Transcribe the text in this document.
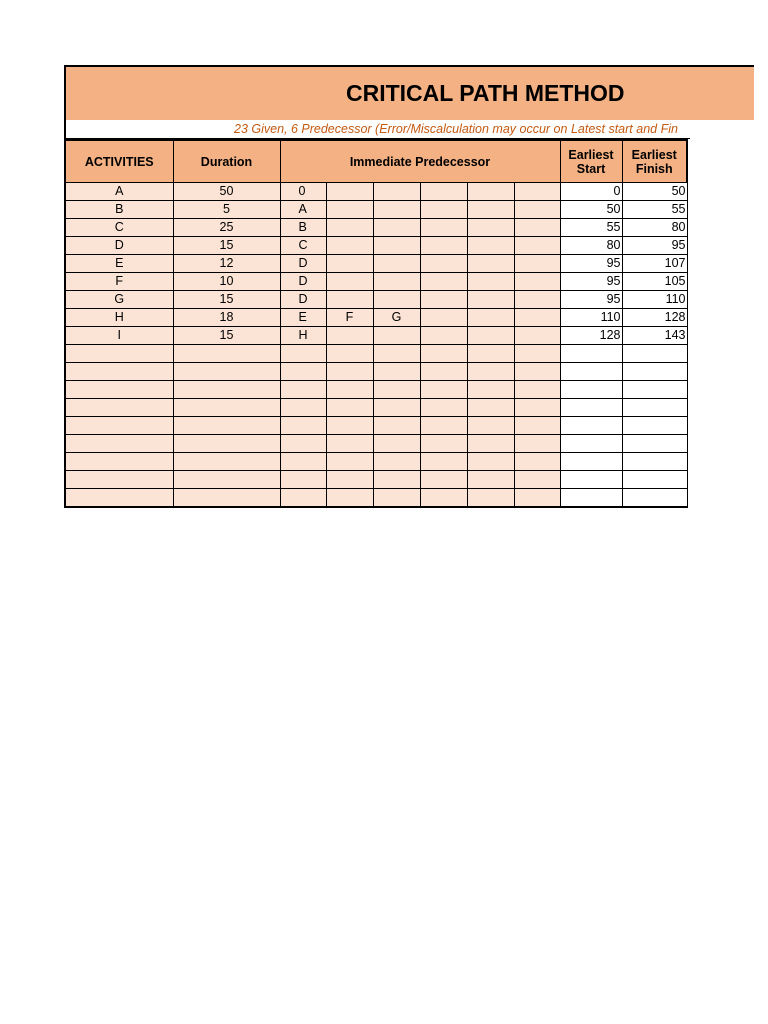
CRITICAL PATH METHOD
23 Given, 6 Predecessor (Error/Miscalculation may occur on Latest start and Fin
ACTIVITIES	Duration	Immediate Predecessor						Earliest Start	Earliest Finish
A	50	0						0	50
B	5	A						50	55
C	25	B						55	80
D	15	C						80	95
E	12	D						95	107
F	10	D						95	105
G	15	D						95	110
H	18	E	F	G				110	128
I	15	H						128	143
